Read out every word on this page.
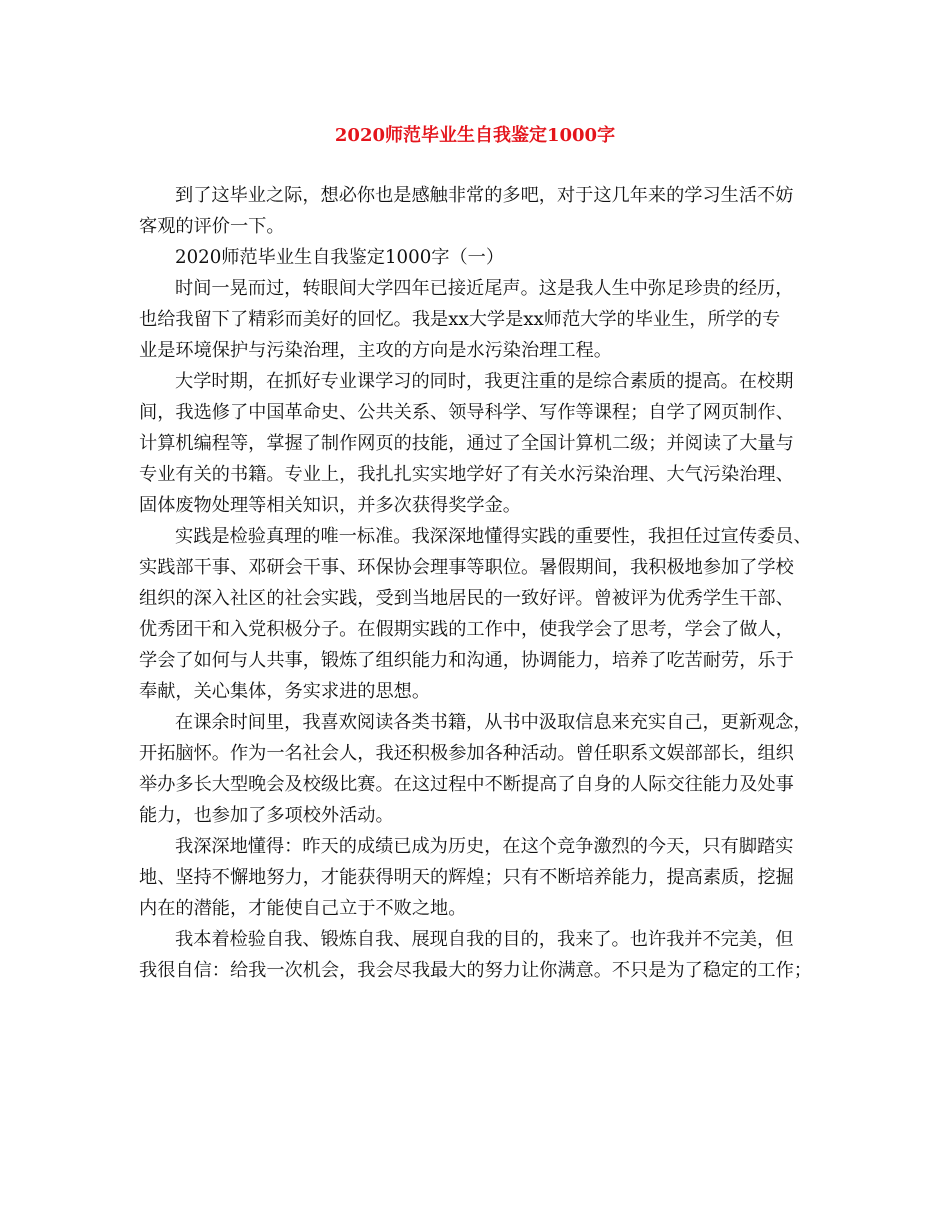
2020师范毕业生自我鉴定1000字
到了这毕业之际，想必你也是感触非常的多吧，对于这几年来的学习生活不妨
客观的评价一下。
2020师范毕业生自我鉴定1000字（一）
时间一晃而过，转眼间大学四年已接近尾声。这是我人生中弥足珍贵的经历，
也给我留下了精彩而美好的回忆。我是xx大学是xx师范大学的毕业生，所学的专
业是环境保护与污染治理，主攻的方向是水污染治理工程。
大学时期，在抓好专业课学习的同时，我更注重的是综合素质的提高。在校期
间，我选修了中国革命史、公共关系、领导科学、写作等课程；自学了网页制作、
计算机编程等，掌握了制作网页的技能，通过了全国计算机二级；并阅读了大量与
专业有关的书籍。专业上，我扎扎实实地学好了有关水污染治理、大气污染治理、
固体废物处理等相关知识，并多次获得奖学金。
实践是检验真理的唯一标准。我深深地懂得实践的重要性，我担任过宣传委员、
实践部干事、邓研会干事、环保协会理事等职位。暑假期间，我积极地参加了学校
组织的深入社区的社会实践，受到当地居民的一致好评。曾被评为优秀学生干部、
优秀团干和入党积极分子。在假期实践的工作中，使我学会了思考，学会了做人，
学会了如何与人共事，锻炼了组织能力和沟通，协调能力，培养了吃苦耐劳，乐于
奉献，关心集体，务实求进的思想。
在课余时间里，我喜欢阅读各类书籍，从书中汲取信息来充实自己，更新观念，
开拓脑怀。作为一名社会人，我还积极参加各种活动。曾任职系文娱部部长，组织
举办多长大型晚会及校级比赛。在这过程中不断提高了自身的人际交往能力及处事
能力，也参加了多项校外活动。
我深深地懂得：昨天的成绩已成为历史，在这个竞争激烈的今天，只有脚踏实
地、坚持不懈地努力，才能获得明天的辉煌；只有不断培养能力，提高素质，挖掘
内在的潜能，才能使自己立于不败之地。
我本着检验自我、锻炼自我、展现自我的目的，我来了。也许我并不完美，但
我很自信：给我一次机会，我会尽我最大的努力让你满意。不只是为了稳定的工作；
